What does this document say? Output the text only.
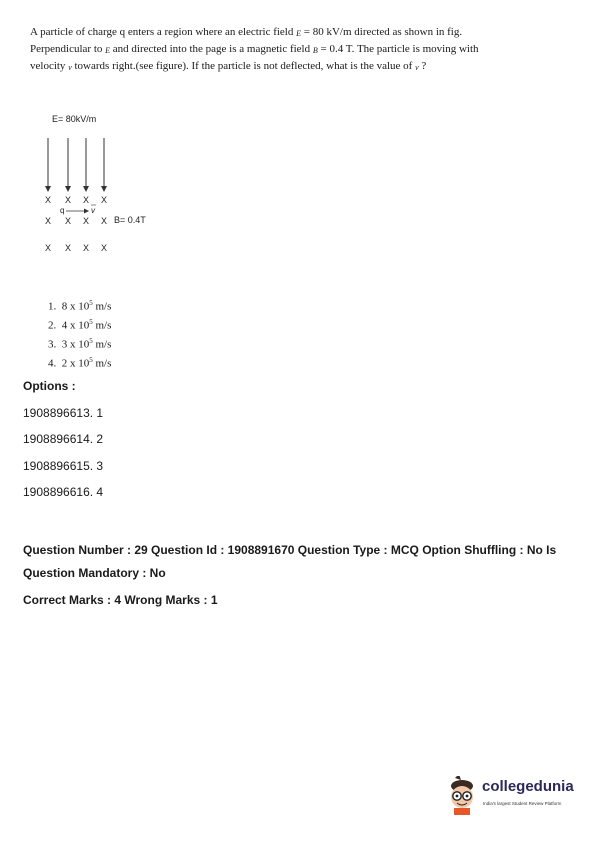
A particle of charge q enters a region where an electric field E = 80 kV/m directed as shown in fig.
Perpendicular to E and directed into the page is a magnetic field B = 0.4 T. The particle is moving with
velocity v towards right.(see figure). If the particle is not deflected, what is the value of v ?
E= 80kV/m
X X X X
q	v
X X X X B= 0.4T
X X X X
1. 8 x $10^5$ m/s
2. 4 x $10^5$ m/s
3. 3 x $10^5$ m/s
4. 2 x $10^5$ m/s
Options :
1908896613. 1
1908896614. 2
1908896615. 3
1908896616. 4
Question Number : 29 Question Id : 1908891670 Question Type : MCQ Option Shuffling : No Is
Question Mandatory : No
Correct Marks : 4 Wrong Marks : 1
collegedunia
India's largest Student Review Platform
